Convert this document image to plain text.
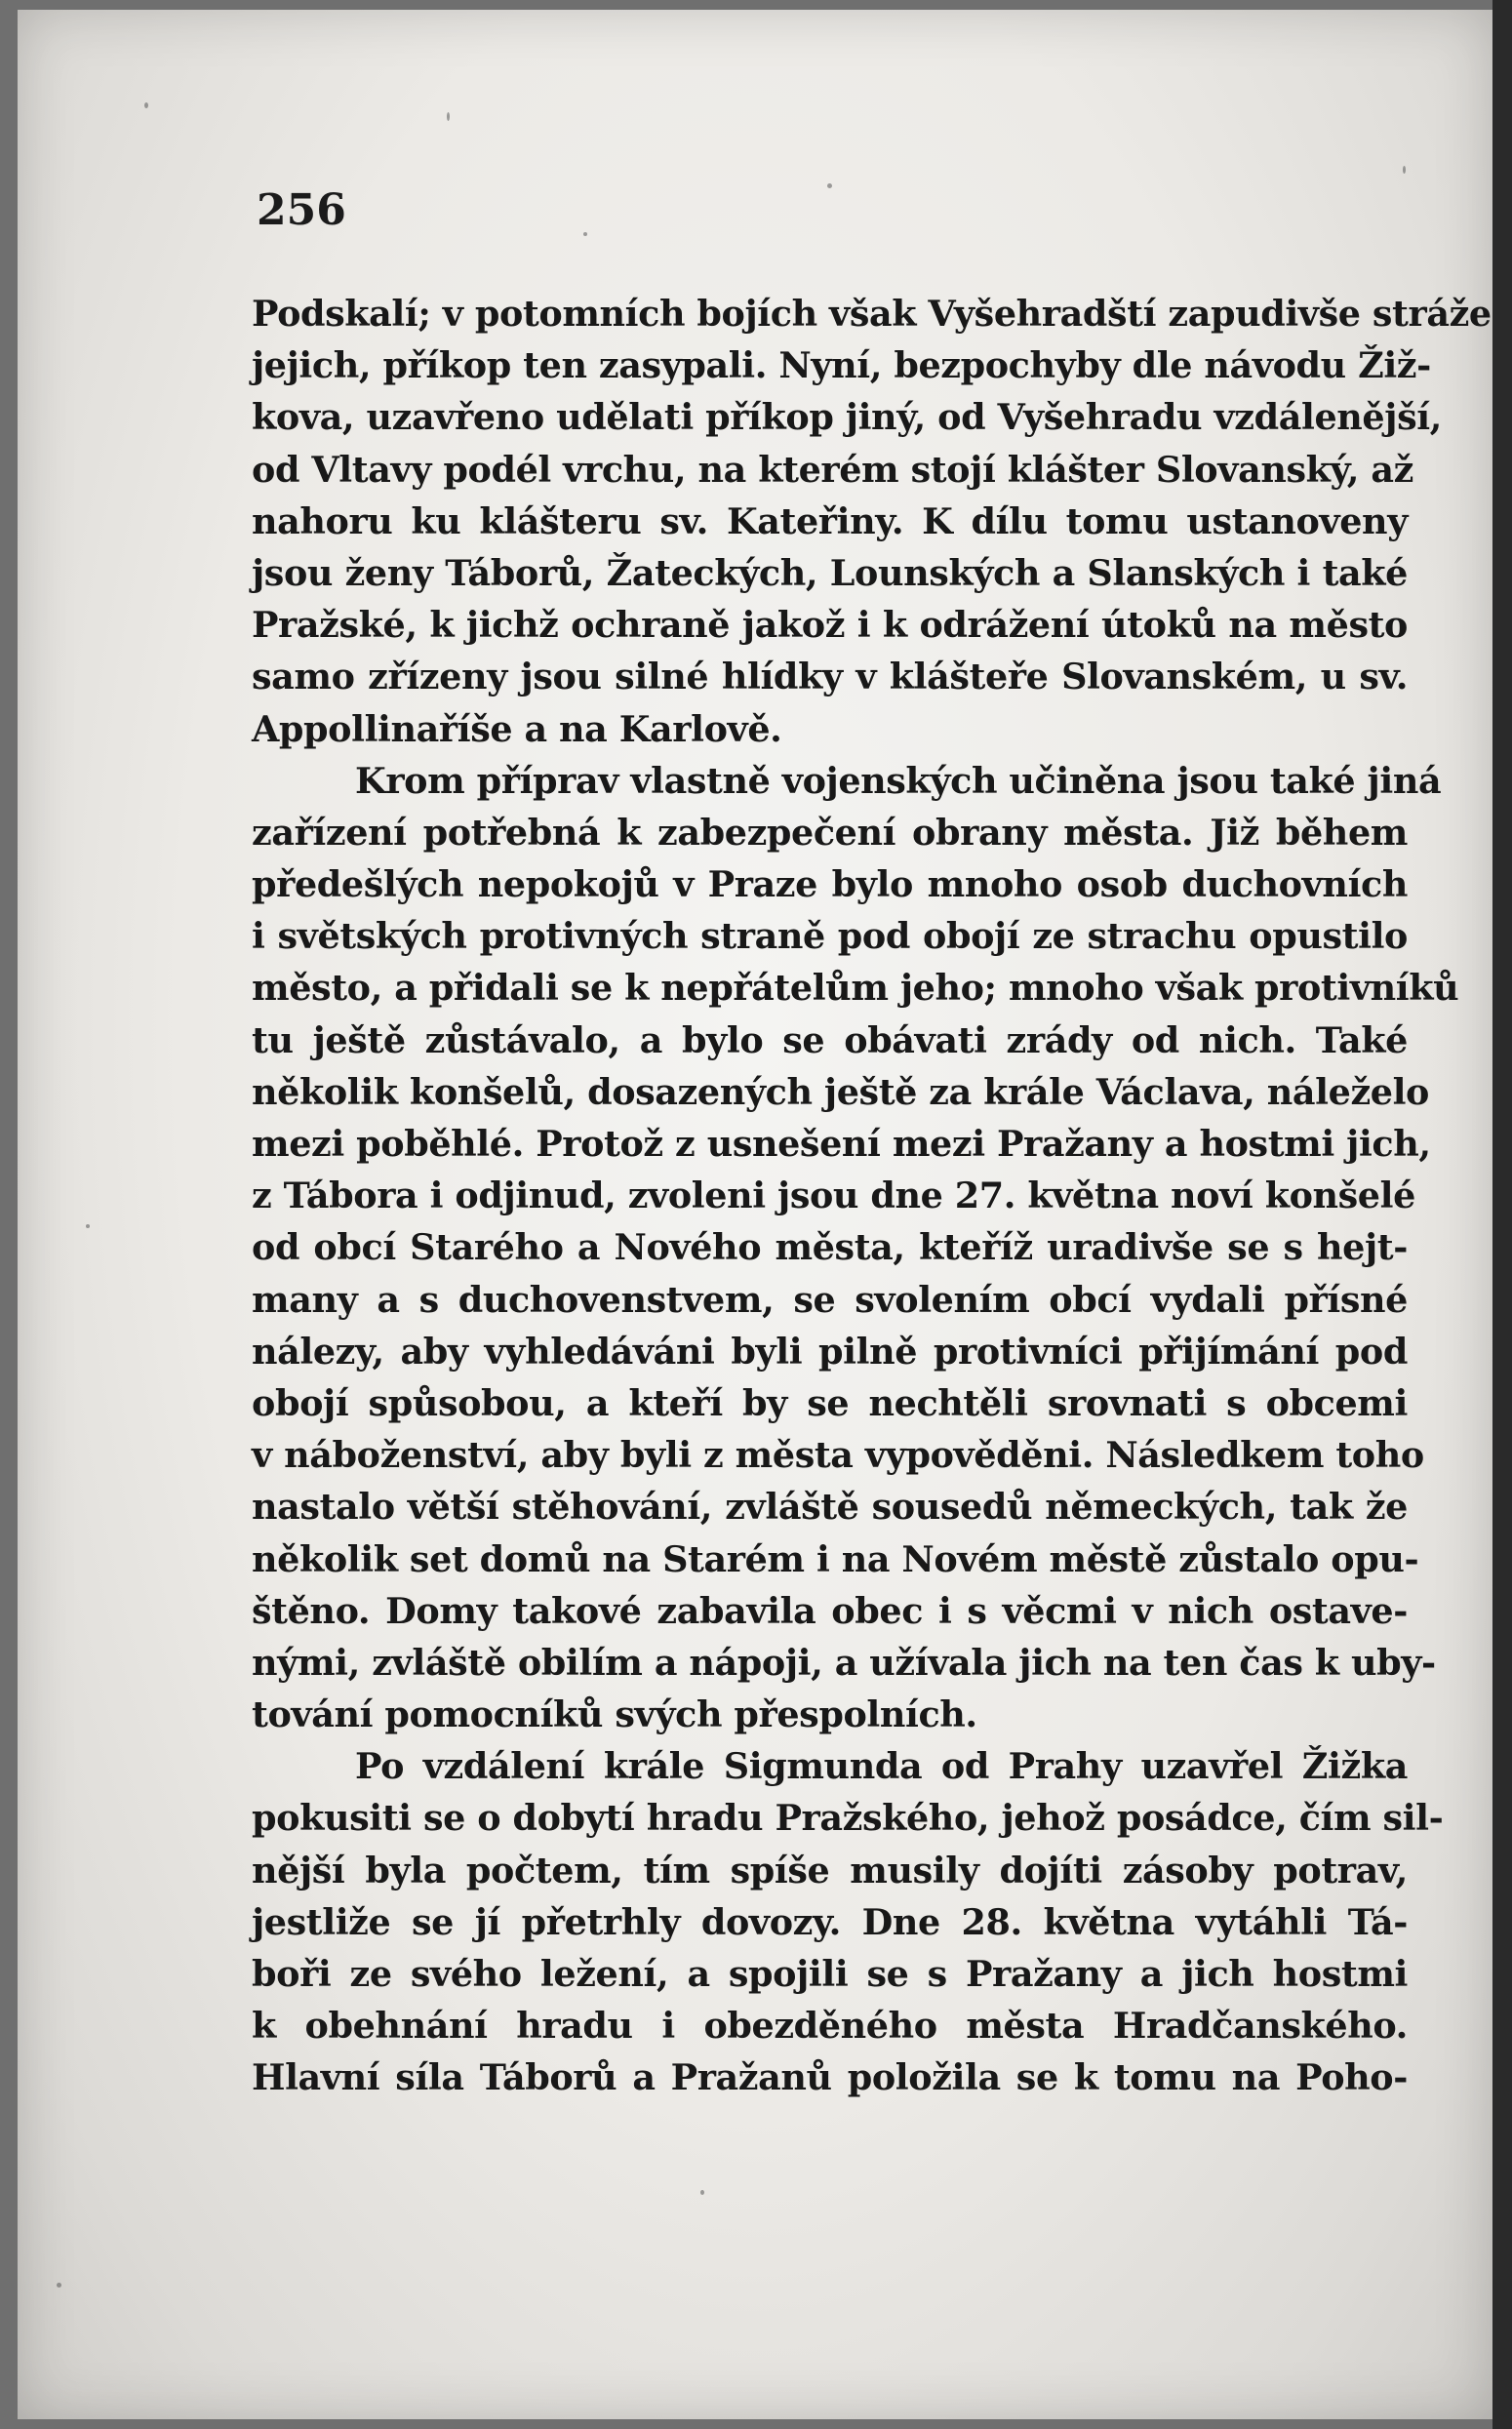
256
Podskalí; v potomních bojích však Vyšehradští zapudivše stráže
jejich, příkop ten zasypali. Nyní, bezpochyby dle návodu Žiž-
kova, uzavřeno udělati příkop jiný, od Vyšehradu vzdálenější,
od Vltavy podél vrchu, na kterém stojí klášter Slovanský, až
nahoru ku klášteru sv. Kateřiny. K dílu tomu ustanoveny
jsou ženy Táborů, Žateckých, Lounských a Slanských i také
Pražské, k jichž ochraně jakož i k odrážení útoků na město
samo zřízeny jsou silné hlídky v klášteře Slovanském, u sv.
Appollinaříše a na Karlově.
Krom příprav vlastně vojenských učiněna jsou také jiná
zařízení potřebná k zabezpečení obrany města. Již během
předešlých nepokojů v Praze bylo mnoho osob duchovních
i světských protivných straně pod obojí ze strachu opustilo
město, a přidali se k nepřátelům jeho; mnoho však protivníků
tu ještě zůstávalo, a bylo se obávati zrády od nich. Také
několik konšelů, dosazených ještě za krále Václava, náleželo
mezi poběhlé. Protož z usnešení mezi Pražany a hostmi jich,
z Tábora i odjinud, zvoleni jsou dne 27. května noví konšelé
od obcí Starého a Nového města, kteříž uradivše se s hejt-
many a s duchovenstvem, se svolením obcí vydali přísné
nálezy, aby vyhledáváni byli pilně protivníci přijímání pod
obojí spůsobou, a kteří by se nechtěli srovnati s obcemi
v náboženství, aby byli z města vypověděni. Následkem toho
nastalo větší stěhování, zvláště sousedů německých, tak že
několik set domů na Starém i na Novém městě zůstalo opu-
štěno. Domy takové zabavila obec i s věcmi v nich ostave-
nými, zvláště obilím a nápoji, a užívala jich na ten čas k uby-
tování pomocníků svých přespolních.
Po vzdálení krále Sigmunda od Prahy uzavřel Žižka
pokusiti se o dobytí hradu Pražského, jehož posádce, čím sil-
nější byla počtem, tím spíše musily dojíti zásoby potrav,
jestliže se jí přetrhly dovozy. Dne 28. května vytáhli Tá-
boři ze svého ležení, a spojili se s Pražany a jich hostmi
k obehnání hradu i obezděného města Hradčanského.
Hlavní síla Táborů a Pražanů položila se k tomu na Poho-
